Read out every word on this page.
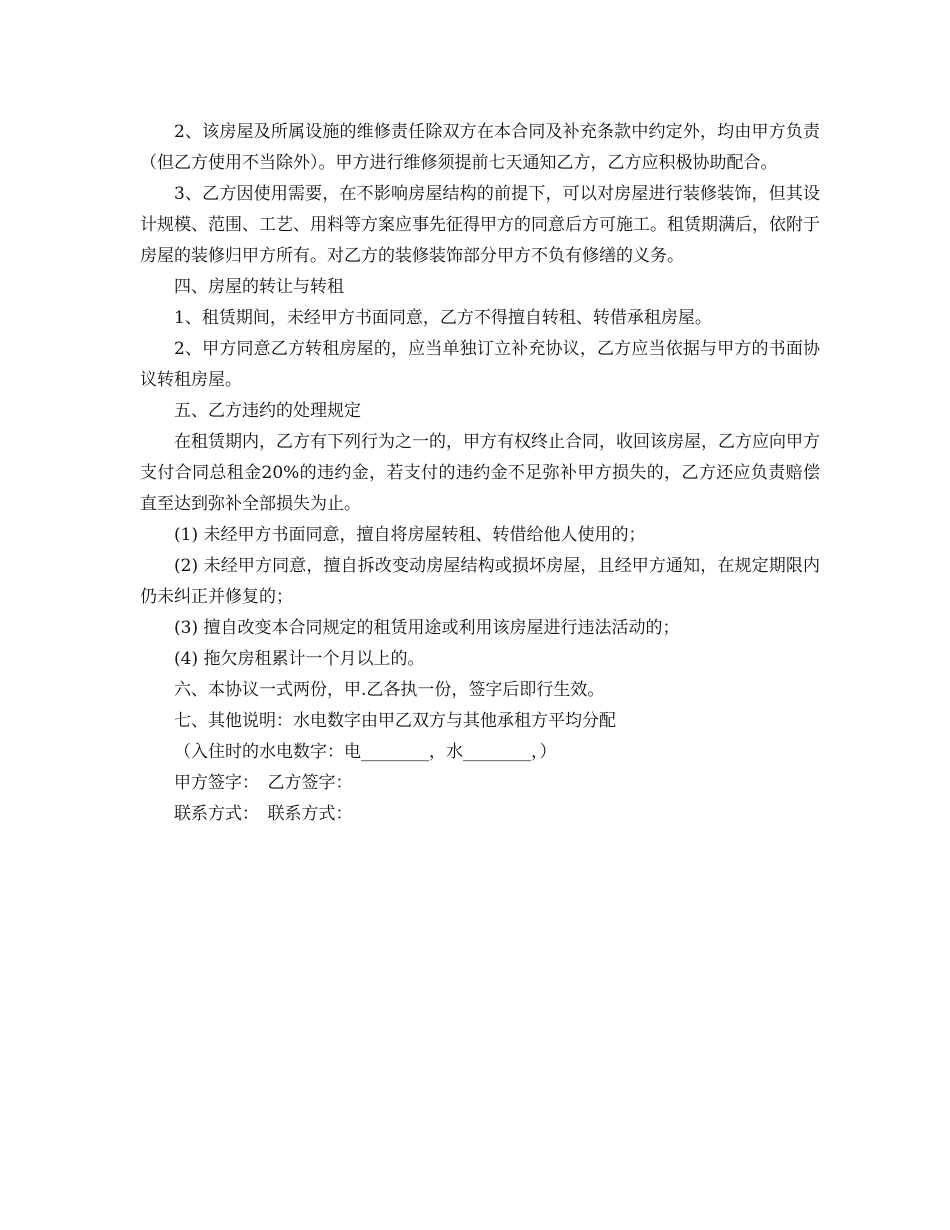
2、该房屋及所属设施的维修责任除双方在本合同及补充条款中约定外，均由甲方负责（但乙方使用不当除外）。甲方进行维修须提前七天通知乙方，乙方应积极协助配合。

3、乙方因使用需要，在不影响房屋结构的前提下，可以对房屋进行装修装饰，但其设计规模、范围、工艺、用料等方案应事先征得甲方的同意后方可施工。租赁期满后，依附于房屋的装修归甲方所有。对乙方的装修装饰部分甲方不负有修缮的义务。

四、房屋的转让与转租

1、租赁期间，未经甲方书面同意，乙方不得擅自转租、转借承租房屋。

2、甲方同意乙方转租房屋的，应当单独订立补充协议，乙方应当依据与甲方的书面协议转租房屋。

五、乙方违约的处理规定

在租赁期内，乙方有下列行为之一的，甲方有权终止合同，收回该房屋，乙方应向甲方支付合同总租金20%的违约金，若支付的违约金不足弥补甲方损失的，乙方还应负责赔偿直至达到弥补全部损失为止。

(1) 未经甲方书面同意，擅自将房屋转租、转借给他人使用的；

(2) 未经甲方同意，擅自拆改变动房屋结构或损坏房屋，且经甲方通知，在规定期限内仍未纠正并修复的；

(3) 擅自改变本合同规定的租赁用途或利用该房屋进行违法活动的；

(4) 拖欠房租累计一个月以上的。

六、本协议一式两份，甲.乙各执一份，签字后即行生效。

七、其他说明：水电数字由甲乙双方与其他承租方平均分配

（入住时的水电数字：电________，水________，）

甲方签字：　乙方签字：

联系方式：　联系方式：
